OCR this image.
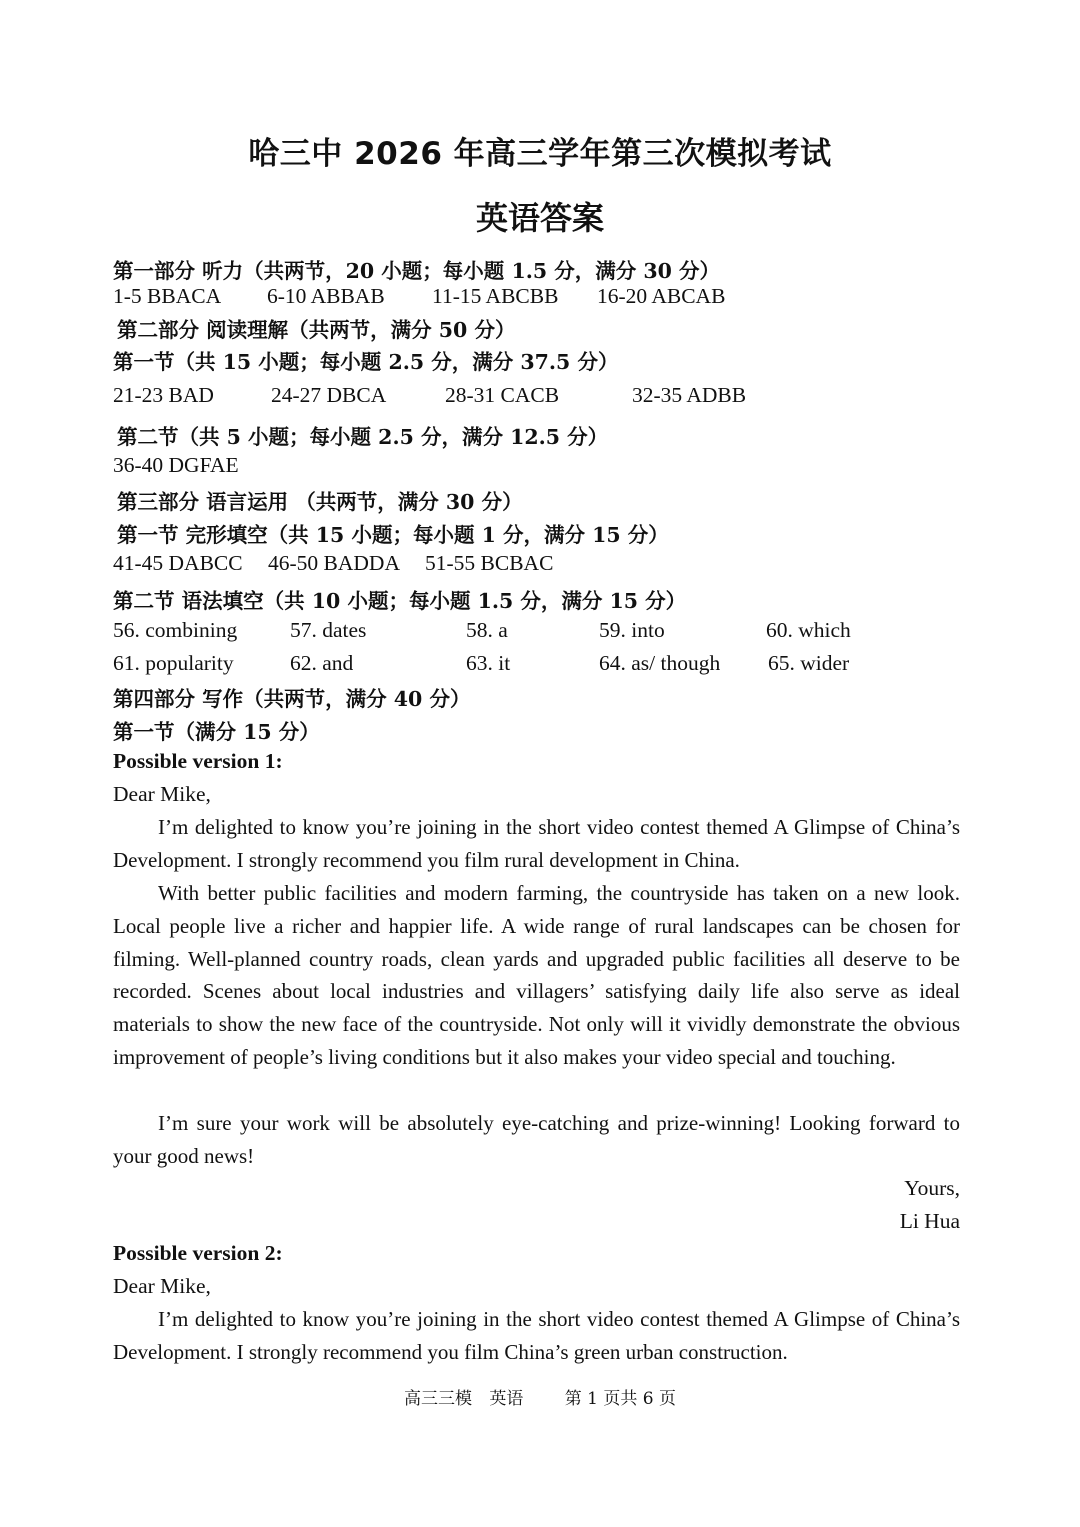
哈三中 2026 年高三学年第三次模拟考试
英语答案
第一部分 听力（共两节，20 小题；每小题 1.5 分，满分 30 分）
1-5 BBACA 6-10 ABBAB 11-15 ABCBB 16-20 ABCAB
第二部分 阅读理解（共两节，满分 50 分）
第一节（共 15 小题；每小题 2.5 分，满分 37.5 分）
21-23 BAD	24-27 DBCA	28-31 CACB	32-35 ADBB
第二节（共 5 小题；每小题 2.5 分，满分 12.5 分）
36-40 DGFAE
第三部分 语言运用 （共两节，满分 30 分）
第一节 完形填空（共 15 小题；每小题 1 分，满分 15 分）
41-45 DABCC 46-50 BADDA 51-55 BCBAC
第二节 语法填空（共 10 小题；每小题 1.5 分，满分 15 分）
56. combining 57. dates	58. a	59. into	60. which
61. popularity	62. and	63. it	64. as/ though 65. wider
第四部分 写作（共两节，满分 40 分）
第一节（满分 15 分）
Possible version 1:
Dear Mike,
I’m delighted to know you’re joining in the short video contest themed A Glimpse of China’s Development. I strongly recommend you film rural development in China.
With better public facilities and modern farming, the countryside has taken on a new look. Local people live a richer and happier life. A wide range of rural landscapes can be chosen for filming. Well-planned country roads, clean yards and upgraded public facilities all deserve to be recorded. Scenes about local industries and villagers’ satisfying daily life also serve as ideal materials to show the new face of the countryside. Not only will it vividly demonstrate the obvious improvement of people’s living conditions but it also makes your video special and touching.
I’m sure your work will be absolutely eye-catching and prize-winning! Looking forward to your good news!
Yours,
Li Hua
Possible version 2:
Dear Mike,
I’m delighted to know you’re joining in the short video contest themed A Glimpse of China’s Development. I strongly recommend you film China’s green urban construction.
高三三模 英语 第 1 页共 6 页
